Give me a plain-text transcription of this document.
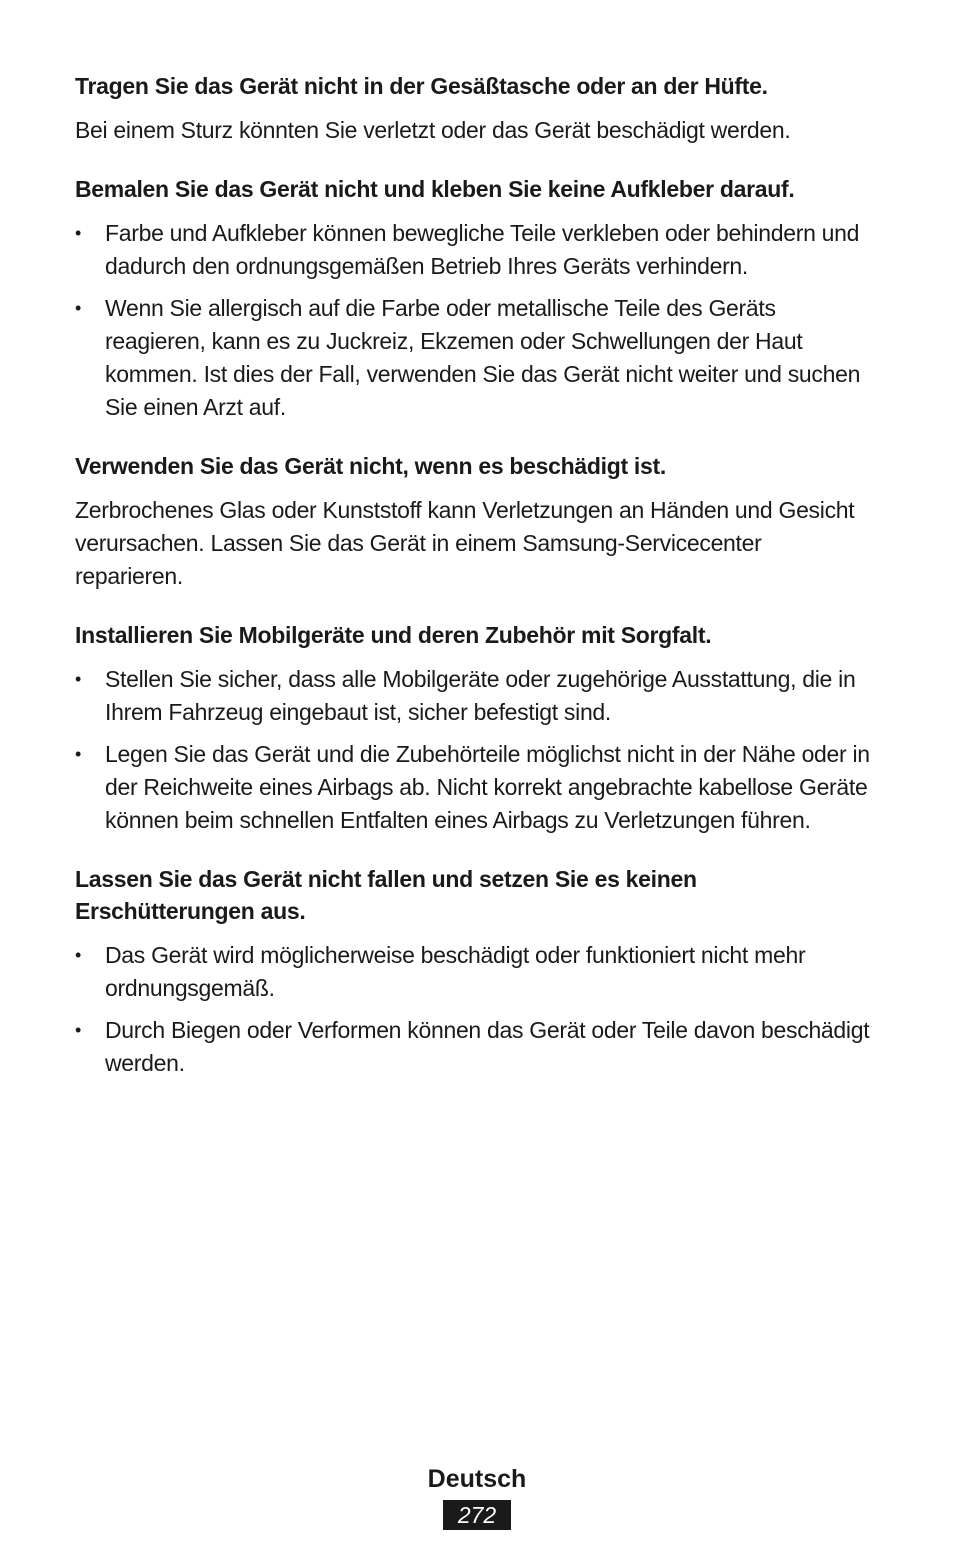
Tragen Sie das Gerät nicht in der Gesäßtasche oder an der Hüfte.

Bei einem Sturz könnten Sie verletzt oder das Gerät beschädigt werden.

Bemalen Sie das Gerät nicht und kleben Sie keine Aufkleber darauf.
•	Farbe und Aufkleber können bewegliche Teile verkleben oder behindern und dadurch den ordnungsgemäßen Betrieb Ihres Geräts verhindern.
•	Wenn Sie allergisch auf die Farbe oder metallische Teile des Geräts reagieren, kann es zu Juckreiz, Ekzemen oder Schwellungen der Haut kommen. Ist dies der Fall, verwenden Sie das Gerät nicht weiter und suchen Sie einen Arzt auf.
Verwenden Sie das Gerät nicht, wenn es beschädigt ist.

Zerbrochenes Glas oder Kunststoff kann Verletzungen an Händen und Gesicht verursachen. Lassen Sie das Gerät in einem Samsung-Servicecenter reparieren.

Installieren Sie Mobilgeräte und deren Zubehör mit Sorgfalt.
•	Stellen Sie sicher, dass alle Mobilgeräte oder zugehörige Ausstattung, die in Ihrem Fahrzeug eingebaut ist, sicher befestigt sind.
•	Legen Sie das Gerät und die Zubehörteile möglichst nicht in der Nähe oder in der Reichweite eines Airbags ab. Nicht korrekt angebrachte kabellose Geräte können beim schnellen Entfalten eines Airbags zu Verletzungen führen.
Lassen Sie das Gerät nicht fallen und setzen Sie es keinen Erschütterungen aus.
•	Das Gerät wird möglicherweise beschädigt oder funktioniert nicht mehr ordnungsgemäß.
•	Durch Biegen oder Verformen können das Gerät oder Teile davon beschädigt werden.
Deutsch
272
